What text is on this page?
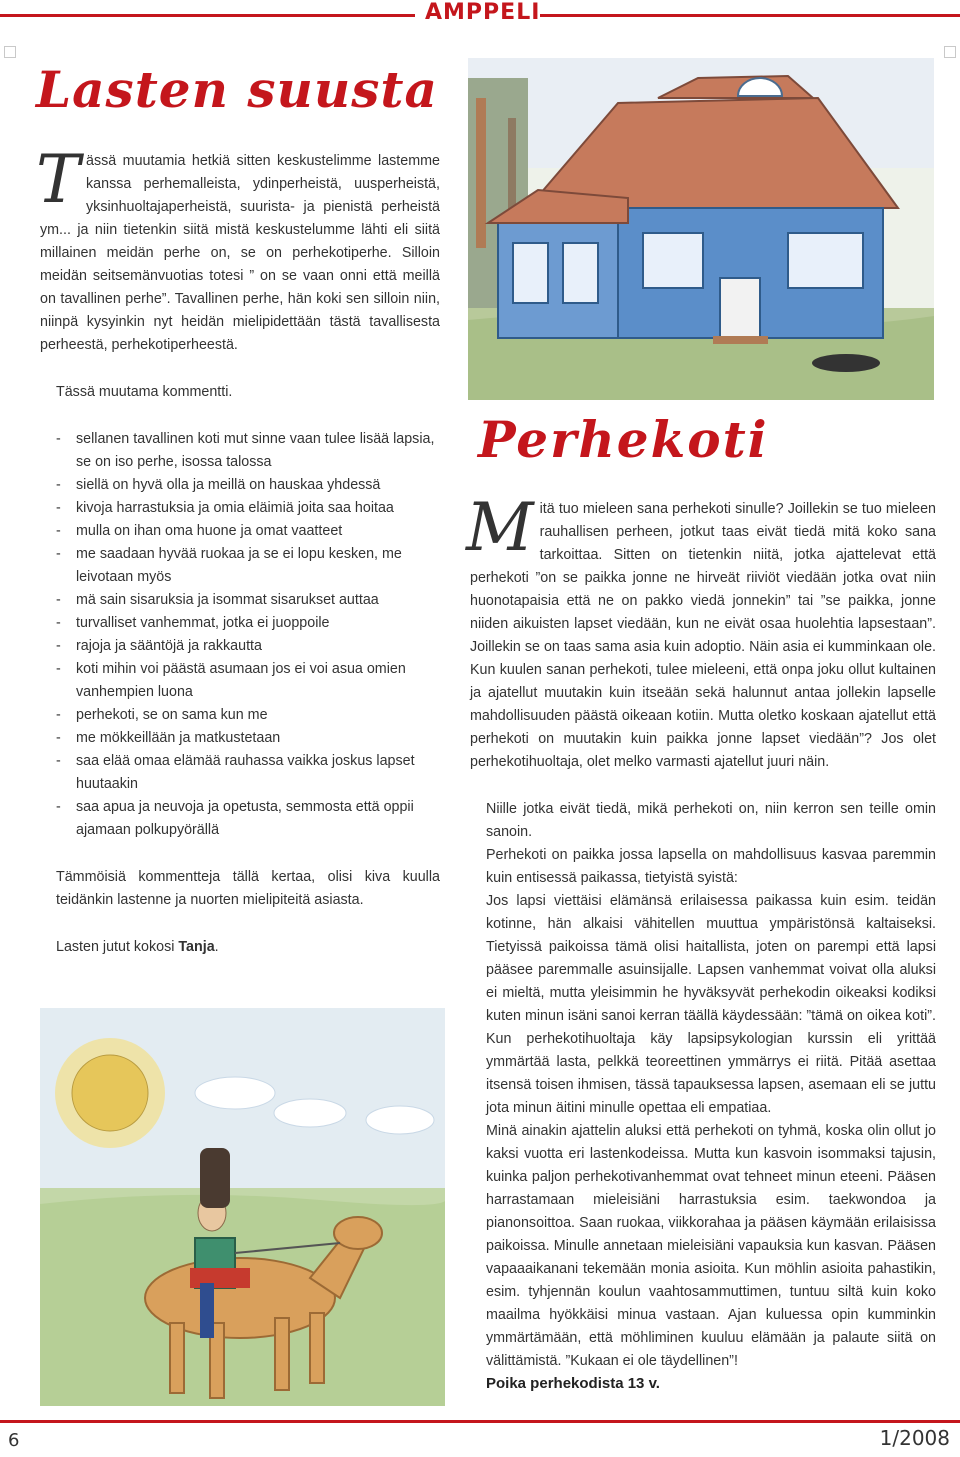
AMPPELI
Lasten suusta

Tässä muutamia hetkiä sitten keskustelimme lastemme kanssa perhemalleista, ydinperheistä, uusperheistä, yksinhuoltajaperheistä, suurista- ja pienistä perheistä ym... ja niin tietenkin siitä mistä keskustelumme lähti eli siitä millainen meidän perhe on, se on perhekotiperhe. Silloin meidän seitsemänvuotias totesi ” on se vaan onni että meillä on tavallinen perhe”. Tavallinen perhe, hän koki sen silloin niin, niinpä kysyinkin nyt heidän mielipidettään tästä tavallisesta perheestä, perhekotiperheestä.

Tässä muutama kommentti.

- sellanen tavallinen koti mut sinne vaan tulee lisää lapsia, se on iso perhe, isossa talossa
- siellä on hyvä olla ja meillä on hauskaa yhdessä
- kivoja harrastuksia ja omia eläimiä joita saa hoitaa
- mulla on ihan oma huone ja omat vaatteet
- me saadaan hyvää ruokaa ja se ei lopu kesken, me leivotaan myös
- mä sain sisaruksia ja isommat sisarukset auttaa
- turvalliset vanhemmat, jotka ei juoppoile
- rajoja ja sääntöjä ja rakkautta
- koti mihin voi päästä asumaan jos ei voi asua omien vanhempien luona
- perhekoti, se on sama kun me
- me mökkeillään ja matkustetaan
- saa elää omaa elämää rauhassa vaikka joskus lapset huutaakin
- saa apua ja neuvoja ja opetusta, semmosta että oppii ajamaan polkupyörällä

Tämmöisiä kommentteja tällä kertaa, olisi kiva kuulla teidänkin lastenne ja nuorten mielipiteitä asiasta.

Lasten jutut kokosi Tanja.

Perhekoti

Mitä tuo mieleen sana perhekoti sinulle? Joillekin se tuo mieleen rauhallisen perheen, jotkut taas eivät tiedä mitä koko sana tarkoittaa. Sitten on tietenkin niitä, jotka ajattelevat että perhekoti ”on se paikka jonne ne hirveät riiviöt viedään jotka ovat niin huonotapaisia että ne on pakko viedä jonnekin” tai ”se paikka, jonne niiden aikuisten lapset viedään, kun ne eivät osaa huolehtia lapsestaan”. Joillekin se on taas sama asia kuin adoptio. Näin asia ei kumminkaan ole. Kun kuulen sanan perhekoti, tulee mieleeni, että onpa joku ollut kultainen ja ajatellut muutakin kuin itseään sekä halunnut antaa jollekin lapselle mahdollisuuden päästä oikeaan kotiin. Mutta oletko koskaan ajatellut että perhekoti on muutakin kuin paikka jonne lapset viedään”? Jos olet perhekotihuoltaja, olet melko varmasti ajatellut juuri näin.

Niille jotka eivät tiedä, mikä perhekoti on, niin kerron sen teille omin sanoin.

Perhekoti on paikka jossa lapsella on mahdollisuus kasvaa paremmin kuin entisessä paikassa, tietyistä syistä:

Jos lapsi viettäisi elämänsä erilaisessa paikassa kuin esim. teidän kotinne, hän alkaisi vähitellen muuttua ympäristönsä kaltaiseksi. Tietyissä paikoissa tämä olisi haitallista, joten on parempi että lapsi pääsee paremmalle asuinsijalle. Lapsen vanhemmat voivat olla aluksi ei mieltä, mutta yleisimmin he hyväksyvät perhekodin oikeaksi kodiksi kuten minun isäni sanoi kerran täällä käydessään: ”tämä on oikea koti”. Kun perhekotihuoltaja käy lapsipsykologian kurssin eli yrittää ymmärtää lasta, pelkkä teoreettinen ymmärrys ei riitä. Pitää asettaa itsensä toisen ihmisen, tässä tapauksessa lapsen, asemaan eli se juttu jota minun äitini minulle opettaa eli empatiaa.

Minä ainakin ajattelin aluksi että perhekoti on tyhmä, koska olin ollut jo kaksi vuotta eri lastenkodeissa. Mutta kun kasvoin isommaksi tajusin, kuinka paljon perhekotivanhemmat ovat tehneet minun eteeni. Pääsen harrastamaan mieleisiäni harrastuksia esim. taekwondoa ja pianonsoittoa. Saan ruokaa, viikkorahaa ja pääsen käymään erilaisissa paikoissa. Minulle annetaan mieleisiäni vapauksia kun kasvan. Pääsen vapaaaikanani tekemään monia asioita. Kun möhlin asioita pahastikin, esim. tyhjennän koulun vaahtosammuttimen, tuntuu siltä kuin koko maailma hyökkäisi minua vastaan. Ajan kuluessa opin kumminkin ymmärtämään, että möhliminen kuuluu elämään ja palaute siitä on välittämistä. ”Kukaan ei ole täydellinen”!

Poika perhekodista 13 v.
6	1/2008
